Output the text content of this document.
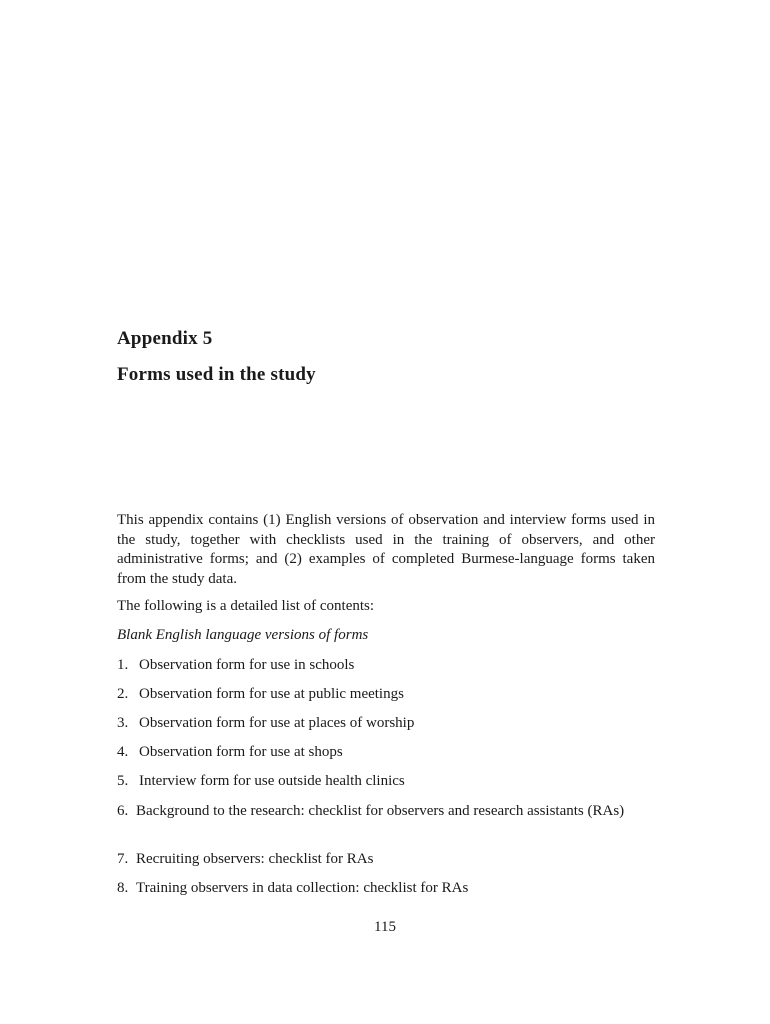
Appendix 5
Forms used in the study

This appendix contains (1) English versions of observation and interview forms used in the study, together with checklists used in the training of observers, and other administrative forms; and (2) examples of completed Burmese-language forms taken from the study data.

The following is a detailed list of contents:
Blank English language versions of forms
1. Observation form for use in schools
2. Observation form for use at public meetings
3. Observation form for use at places of worship
4. Observation form for use at shops
5. Interview form for use outside health clinics
6. Background to the research: checklist for observers and research assistants (RAs)
7. Recruiting observers: checklist for RAs
8. Training observers in data collection: checklist for RAs
115
